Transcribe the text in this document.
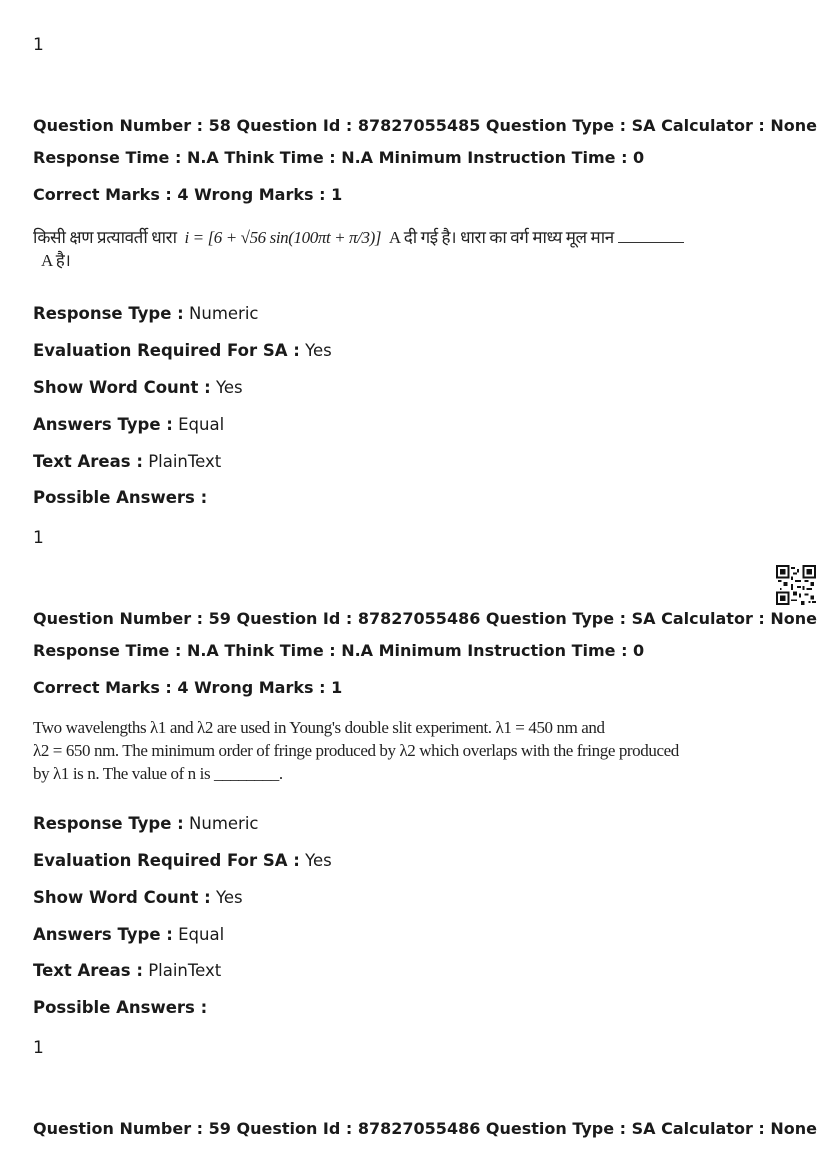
1
Question Number : 58 Question Id : 87827055485 Question Type : SA Calculator : None
Response Time : N.A Think Time : N.A Minimum Instruction Time : 0
Correct Marks : 4 Wrong Marks : 1
किसी क्षण प्रत्यावर्ती धारा i = [6 + √56 sin(100πt + π/3)] A दी गई है। धारा का वर्ग माध्य मूल मान
A है।
Response Type : Numeric
Evaluation Required For SA : Yes
Show Word Count : Yes
Answers Type : Equal
Text Areas : PlainText
Possible Answers :
1
Question Number : 59 Question Id : 87827055486 Question Type : SA Calculator : None
Response Time : N.A Think Time : N.A Minimum Instruction Time : 0
Correct Marks : 4 Wrong Marks : 1
Two wavelengths λ1 and λ2 are used in Young's double slit experiment. λ1 = 450 nm and
λ2 = 650 nm. The minimum order of fringe produced by λ2 which overlaps with the fringe produced
by λ1 is n. The value of n is ________.
Response Type : Numeric
Evaluation Required For SA : Yes
Show Word Count : Yes
Answers Type : Equal
Text Areas : PlainText
Possible Answers :
1
Question Number : 59 Question Id : 87827055486 Question Type : SA Calculator : None
